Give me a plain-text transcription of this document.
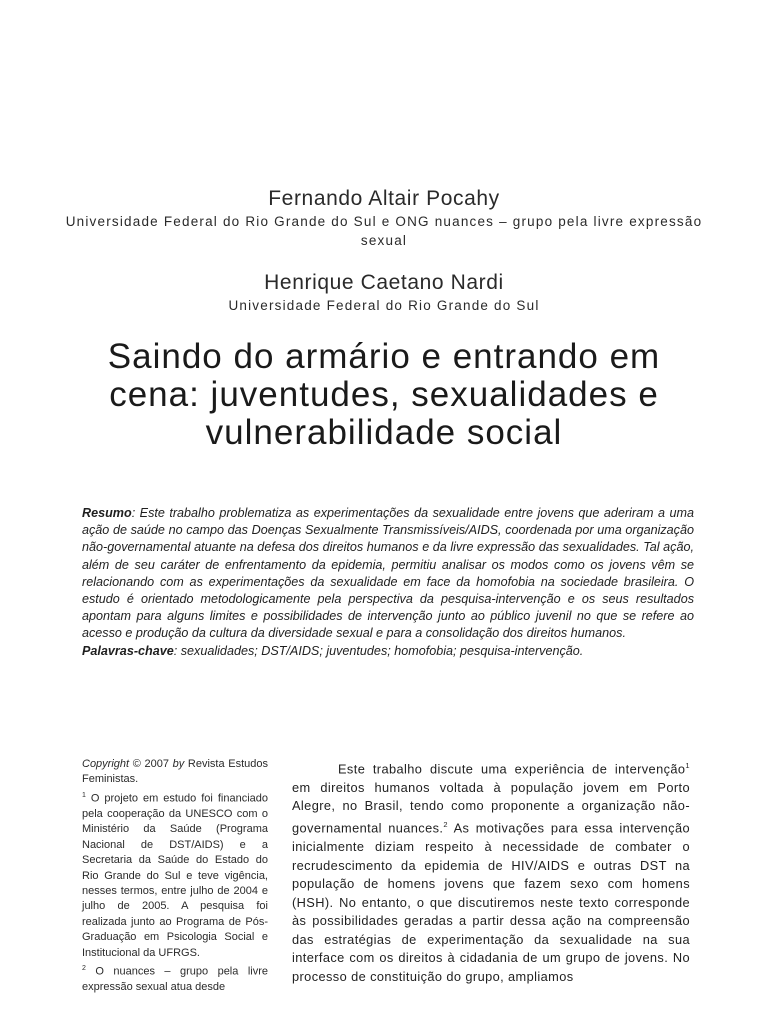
Fernando Altair Pocahy
Universidade Federal do Rio Grande do Sul e ONG nuances – grupo pela livre expressão sexual
Henrique Caetano Nardi
Universidade Federal do Rio Grande do Sul
Saindo do armário e entrando em cena: juventudes, sexualidades e vulnerabilidade social
Resumo: Este trabalho problematiza as experimentações da sexualidade entre jovens que aderiram a uma ação de saúde no campo das Doenças Sexualmente Transmissíveis/AIDS, coordenada por uma organização não-governamental atuante na defesa dos direitos humanos e da livre expressão das sexualidades. Tal ação, além de seu caráter de enfrentamento da epidemia, permitiu analisar os modos como os jovens vêm se relacionando com as experimentações da sexualidade em face da homofobia na sociedade brasileira. O estudo é orientado metodologicamente pela perspectiva da pesquisa-intervenção e os seus resultados apontam para alguns limites e possibilidades de intervenção junto ao público juvenil no que se refere ao acesso e produção da cultura da diversidade sexual e para a consolidação dos direitos humanos.
Palavras-chave: sexualidades; DST/AIDS; juventudes; homofobia; pesquisa-intervenção.

Copyright © 2007 by Revista Estudos Feministas.

$^1$ O projeto em estudo foi financiado pela cooperação da UNESCO com o Ministério da Saúde (Programa Nacional de DST/AIDS) e a Secretaria da Saúde do Estado do Rio Grande do Sul e teve vigência, nesses termos, entre julho de 2004 e julho de 2005. A pesquisa foi realizada junto ao Programa de Pós-Graduação em Psicologia Social e Institucional da UFRGS.

$^2$ O nuances – grupo pela livre expressão sexual atua desde

Este trabalho discute uma experiência de intervenção$^1$ em direitos humanos voltada à população jovem em Porto Alegre, no Brasil, tendo como proponente a organização não-governamental nuances.$^2$ As motivações para essa intervenção inicialmente diziam respeito à necessidade de combater o recrudescimento da epidemia de HIV/AIDS e outras DST na população de homens jovens que fazem sexo com homens (HSH). No entanto, o que discutiremos neste texto corresponde às possibilidades geradas a partir dessa ação na compreensão das estratégias de experimentação da sexualidade na sua interface com os direitos à cidadania de um grupo de jovens. No processo de constituição do grupo, ampliamos
